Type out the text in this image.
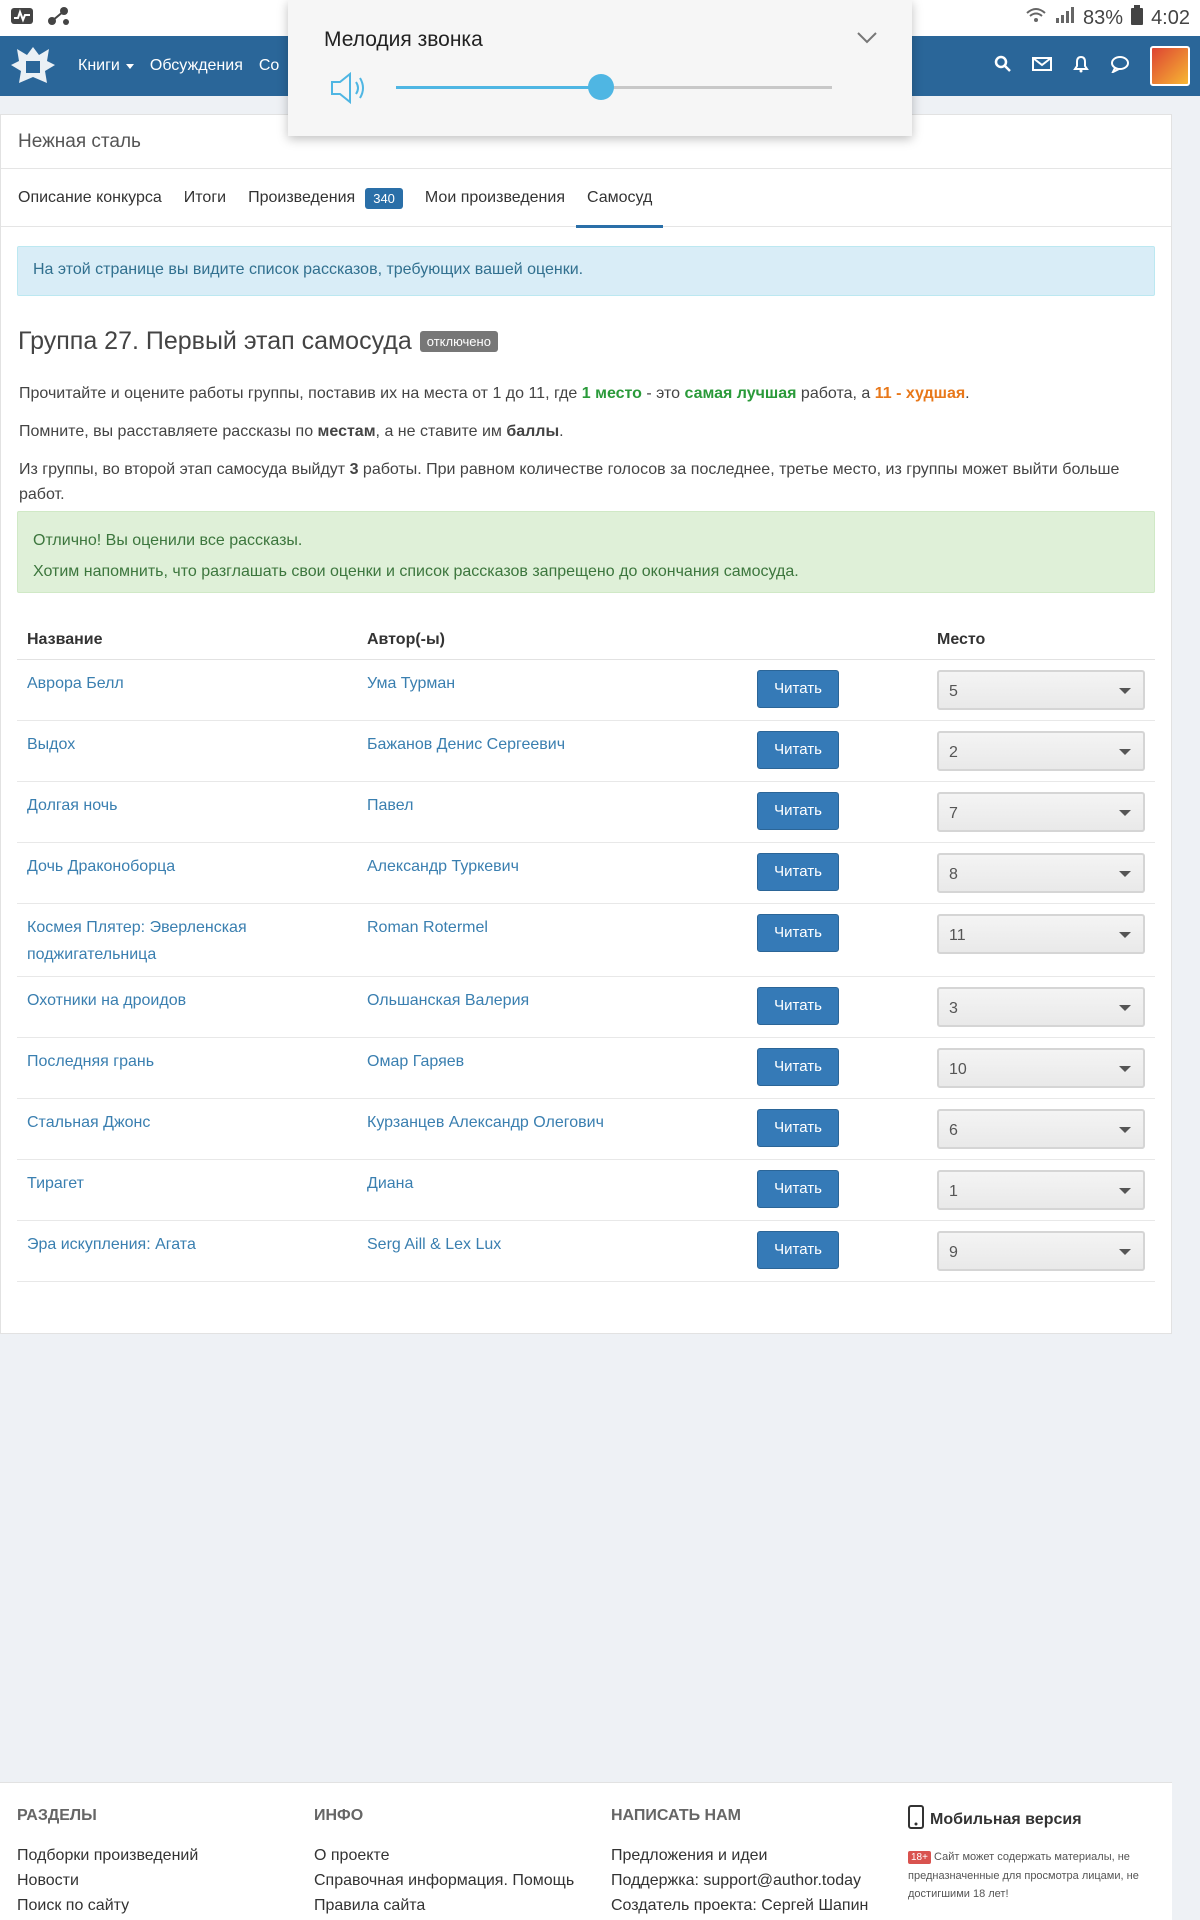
83% 4:02
Книги Обсуждения Со
Мелодия звонка
Нежная сталь
Описание конкурса Итоги Произведения	340	Мои произведения Самосуд
На этой странице вы видите список рассказов, требующих вашей оценки.
Группа 27. Первый этап самосуда	отключено
Прочитайте и оцените работы группы, поставив их на места от 1 до 11, где 1 место - это самая лучшая работа, а 11 - худшая.
Помните, вы расставляете рассказы по местам, а не ставите им баллы.
Из группы, во второй этап самосуда выйдут 3 работы. При равном количестве голосов за последнее, третье место, из группы может выйти больше работ.
Отлично! Вы оценили все рассказы.
Хотим напомнить, что разглашать свои оценки и список рассказов запрещено до окончания самосуда.
Название	Автор(-ы)		Место
Аврора Белл	Ума Турман	Читать	5

Выдох	Бажанов Денис Сергеевич	Читать	2

Долгая ночь	Павел	Читать	7

Дочь Драконоборца	Александр Туркевич	Читать	8

Космея Плятер: Эверленская поджигательница	Roman Rotermel	Читать	11

Охотники на дроидов	Ольшанская Валерия	Читать	3

Последняя грань	Омар Гаряев	Читать	10

Стальная Джонс	Курзанцев Александр Олегович	Читать	6

Тирагет	Диана	Читать	1

Эра искупления: Агата	Serg Aill & Lex Lux	Читать	9
РАЗДЕЛЫ
Подборки произведений
Новости
Поиск по сайту
ИНФО
О проекте
Справочная информация. Помощь
Правила сайта
НАПИСАТЬ НАМ
Предложения и идеи
Поддержка: support@author.today
Создатель проекта: Сергей Шапин
Мобильная версия
18+ Сайт может содержать материалы, не предназначенные для просмотра лицами, не достигшими 18 лет!
